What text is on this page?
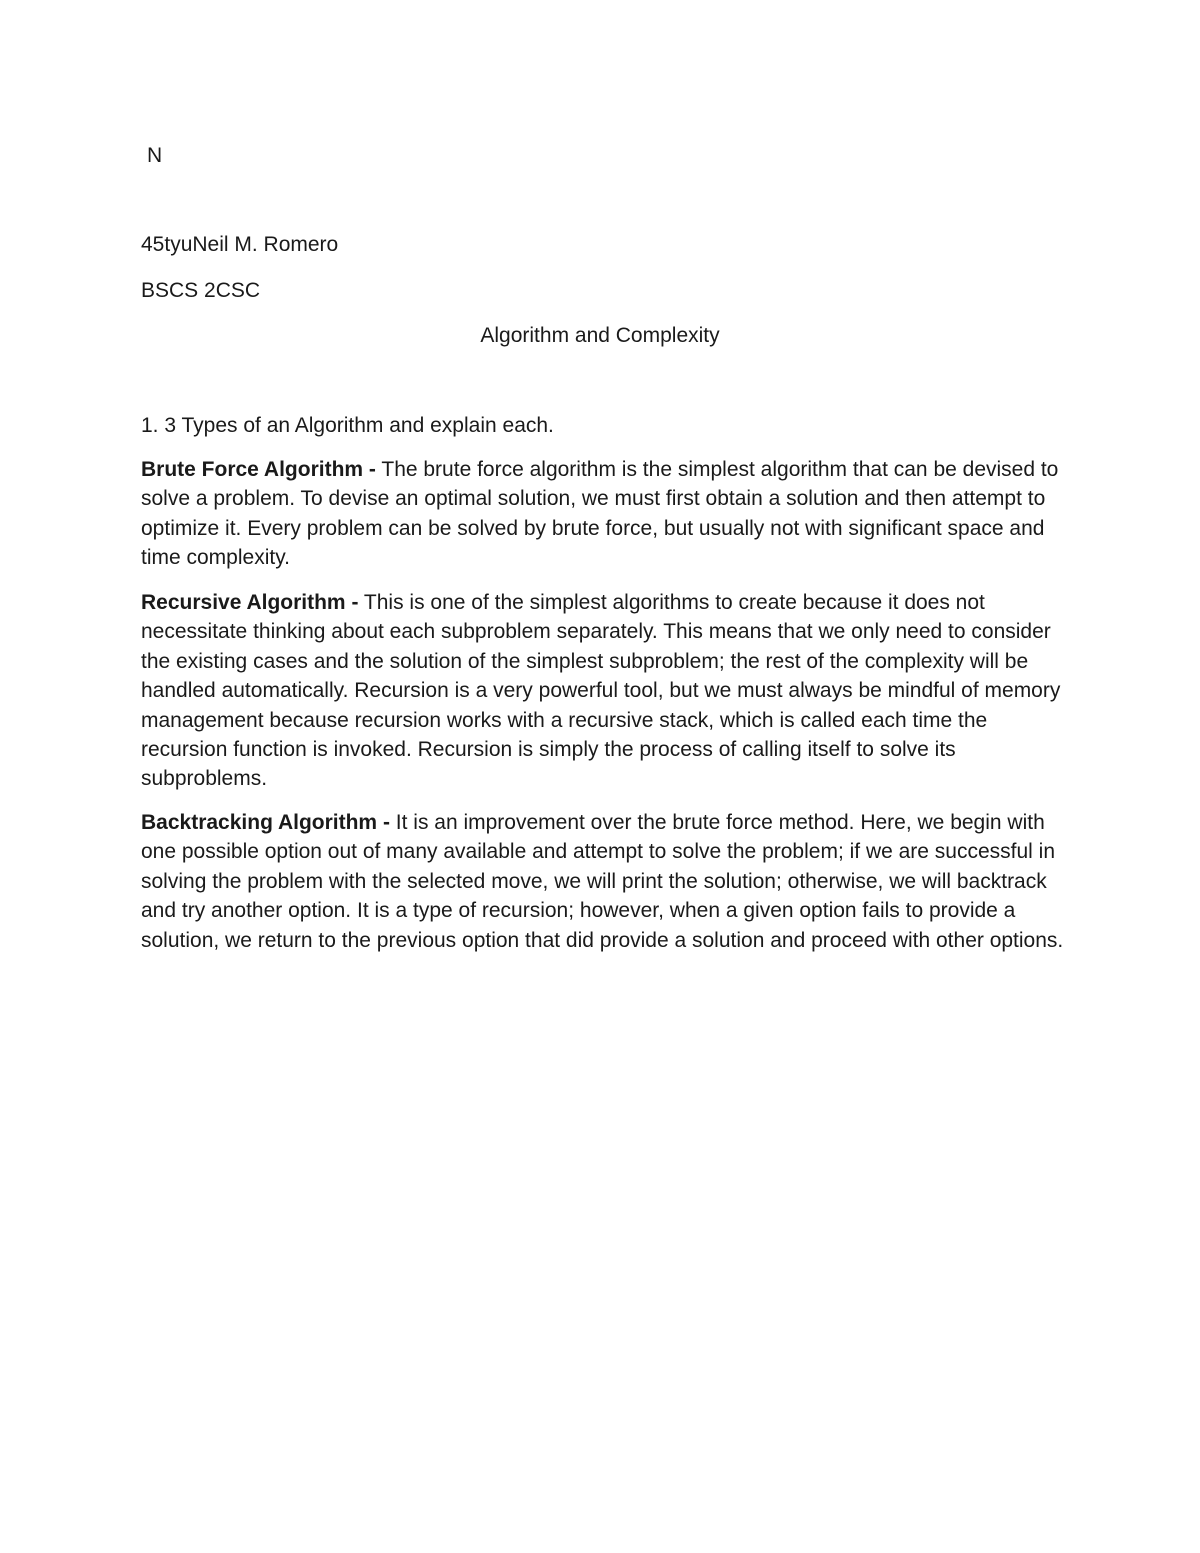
N
45tyuNeil M. Romero
BSCS 2CSC
Algorithm and Complexity
1. 3 Types of an Algorithm and explain each.

Brute Force Algorithm - The brute force algorithm is the simplest algorithm that can be devised to solve a problem. To devise an optimal solution, we must first obtain a solution and then attempt to optimize it. Every problem can be solved by brute force, but usually not with significant space and time complexity.

Recursive Algorithm - This is one of the simplest algorithms to create because it does not necessitate thinking about each subproblem separately. This means that we only need to consider the existing cases and the solution of the simplest subproblem; the rest of the complexity will be handled automatically. Recursion is a very powerful tool, but we must always be mindful of memory management because recursion works with a recursive stack, which is called each time the recursion function is invoked. Recursion is simply the process of calling itself to solve its subproblems.

Backtracking Algorithm - It is an improvement over the brute force method. Here, we begin with one possible option out of many available and attempt to solve the problem; if we are successful in solving the problem with the selected move, we will print the solution; otherwise, we will backtrack and try another option. It is a type of recursion; however, when a given option fails to provide a solution, we return to the previous option that did provide a solution and proceed with other options.
